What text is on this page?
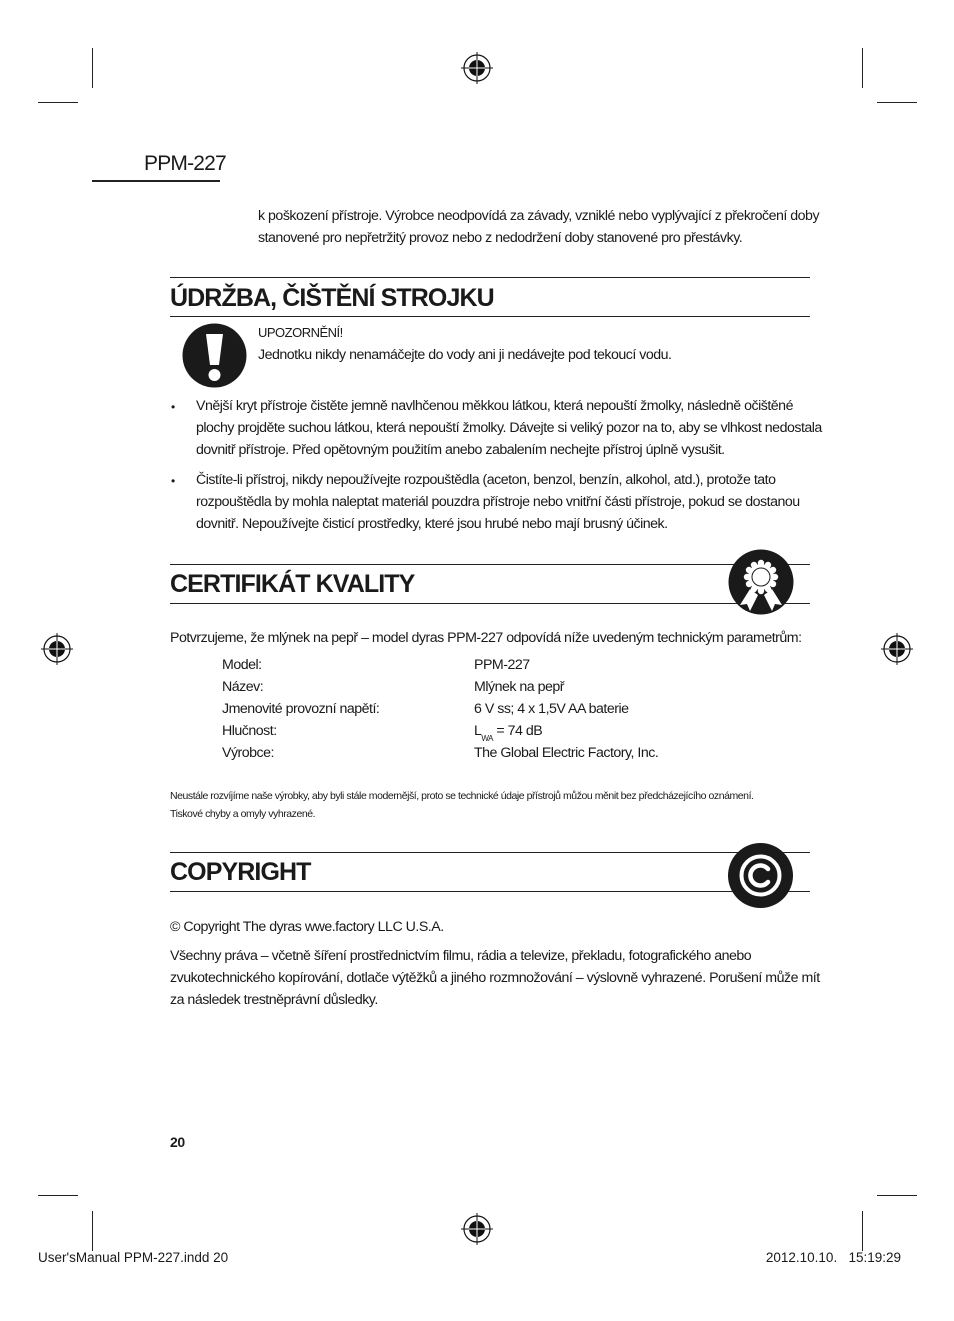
PPM-227
k poškození přístroje. Výrobce neodpovídá za závady, vzniklé nebo vyplývající z překročení doby
stanovené pro nepřetržitý provoz nebo z nedodržení doby stanovené pro přestávky.
ÚDRŽBA, ČIŠTĚNÍ STROJKU
UPOZORNĚNÍ!
Jednotku nikdy nenamáčejte do vody ani ji nedávejte pod tekoucí vodu.
• Vnější kryt přístroje čistěte jemně navlhčenou měkkou látkou, která nepouští žmolky, následně očištěné
plochy projděte suchou látkou, která nepouští žmolky. Dávejte si veliký pozor na to, aby se vlhkost nedostala
dovnitř přístroje. Před opětovným použitím anebo zabalením nechejte přístroj úplně vysušit.
• Čistíte-li přístroj, nikdy nepoužívejte rozpouštědla (aceton, benzol, benzín, alkohol, atd.), protože tato
rozpouštědla by mohla naleptat materiál pouzdra přístroje nebo vnitřní části přístroje, pokud se dostanou
dovnitř. Nepoužívejte čisticí prostředky, které jsou hrubé nebo mají brusný účinek.
CERTIFIKÁT KVALITY
Potvrzujeme, že mlýnek na pepř – model dyras PPM-227 odpovídá níže uvedeným technickým parametrům:
Model:	PPM-227
Název:	Mlýnek na pepř
Jmenovité provozní napětí:	6 V ss; 4 x 1,5V AA baterie
Hlučnost:	$L_{WA} = 74$ dB
Výrobce:	The Global Electric Factory, Inc.
Neustále rozvíjíme naše výrobky, aby byli stále modernější, proto se technické údaje přístrojů můžou měnit bez předcházejícího oznámení.
Tiskové chyby a omyly vyhrazené.
COPYRIGHT
© Copyright The dyras wwe.factory LLC U.S.A.
Všechny práva – včetně šíření prostřednictvím filmu, rádia a televize, překladu, fotografického anebo
zvukotechnického kopírování, dotlače výtěžků a jiného rozmnožování – výslovně vyhrazené. Porušení může mít
za následek trestněprávní důsledky.
20
User'sManual PPM-227.indd 20	2012.10.10.   15:19:29
